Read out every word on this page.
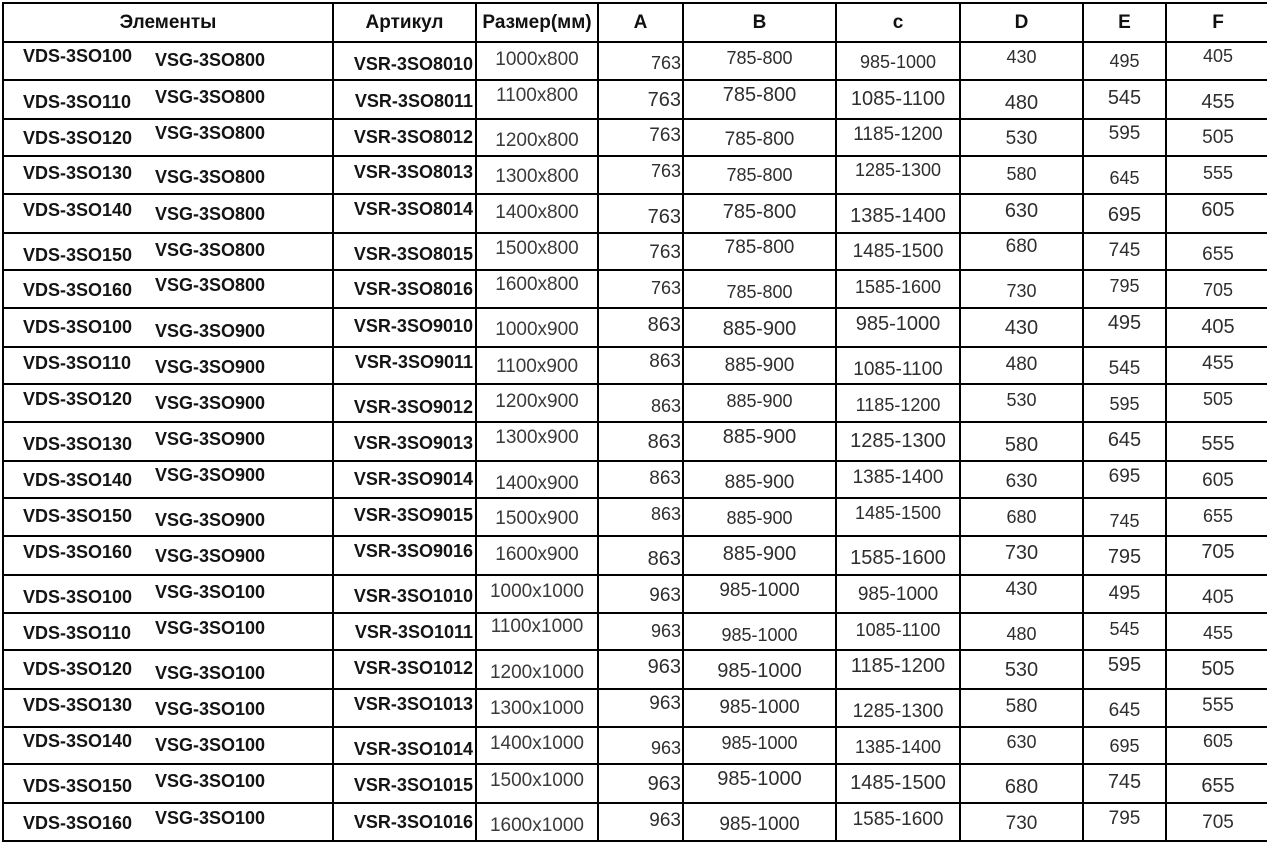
Элементы	Артикул	Размер(мм)	A	B	c	D	E	F

VDS-3SO100 VSG-3SO800	VSR-3SO8010	1000x800	763	785-800	985-1000	430	495	405

VDS-3SO110 VSG-3SO800	VSR-3SO8011	1100x800	763	785-800	1085-1100	480	545	455

VDS-3SO120 VSG-3SO800	VSR-3SO8012	1200x800	763	785-800	1185-1200	530	595	505

VDS-3SO130 VSG-3SO800	VSR-3SO8013	1300x800	763	785-800	1285-1300	580	645	555

VDS-3SO140 VSG-3SO800	VSR-3SO8014	1400x800	763	785-800	1385-1400	630	695	605

VDS-3SO150 VSG-3SO800	VSR-3SO8015	1500x800	763	785-800	1485-1500	680	745	655

VDS-3SO160 VSG-3SO800	VSR-3SO8016	1600x800	763	785-800	1585-1600	730	795	705

VDS-3SO100 VSG-3SO900	VSR-3SO9010	1000x900	863	885-900	985-1000	430	495	405

VDS-3SO110 VSG-3SO900	VSR-3SO9011	1100x900	863	885-900	1085-1100	480	545	455

VDS-3SO120 VSG-3SO900	VSR-3SO9012	1200x900	863	885-900	1185-1200	530	595	505

VDS-3SO130 VSG-3SO900	VSR-3SO9013	1300x900	863	885-900	1285-1300	580	645	555

VDS-3SO140 VSG-3SO900	VSR-3SO9014	1400x900	863	885-900	1385-1400	630	695	605

VDS-3SO150 VSG-3SO900	VSR-3SO9015	1500x900	863	885-900	1485-1500	680	745	655

VDS-3SO160 VSG-3SO900	VSR-3SO9016	1600x900	863	885-900	1585-1600	730	795	705

VDS-3SO100 VSG-3SO100	VSR-3SO1010	1000x1000	963	985-1000	985-1000	430	495	405

VDS-3SO110 VSG-3SO100	VSR-3SO1011	1100x1000	963	985-1000	1085-1100	480	545	455

VDS-3SO120 VSG-3SO100	VSR-3SO1012	1200x1000	963	985-1000	1185-1200	530	595	505

VDS-3SO130 VSG-3SO100	VSR-3SO1013	1300x1000	963	985-1000	1285-1300	580	645	555

VDS-3SO140 VSG-3SO100	VSR-3SO1014	1400x1000	963	985-1000	1385-1400	630	695	605

VDS-3SO150 VSG-3SO100	VSR-3SO1015	1500x1000	963	985-1000	1485-1500	680	745	655

VDS-3SO160 VSG-3SO100	VSR-3SO1016	1600x1000	963	985-1000	1585-1600	730	795	705
